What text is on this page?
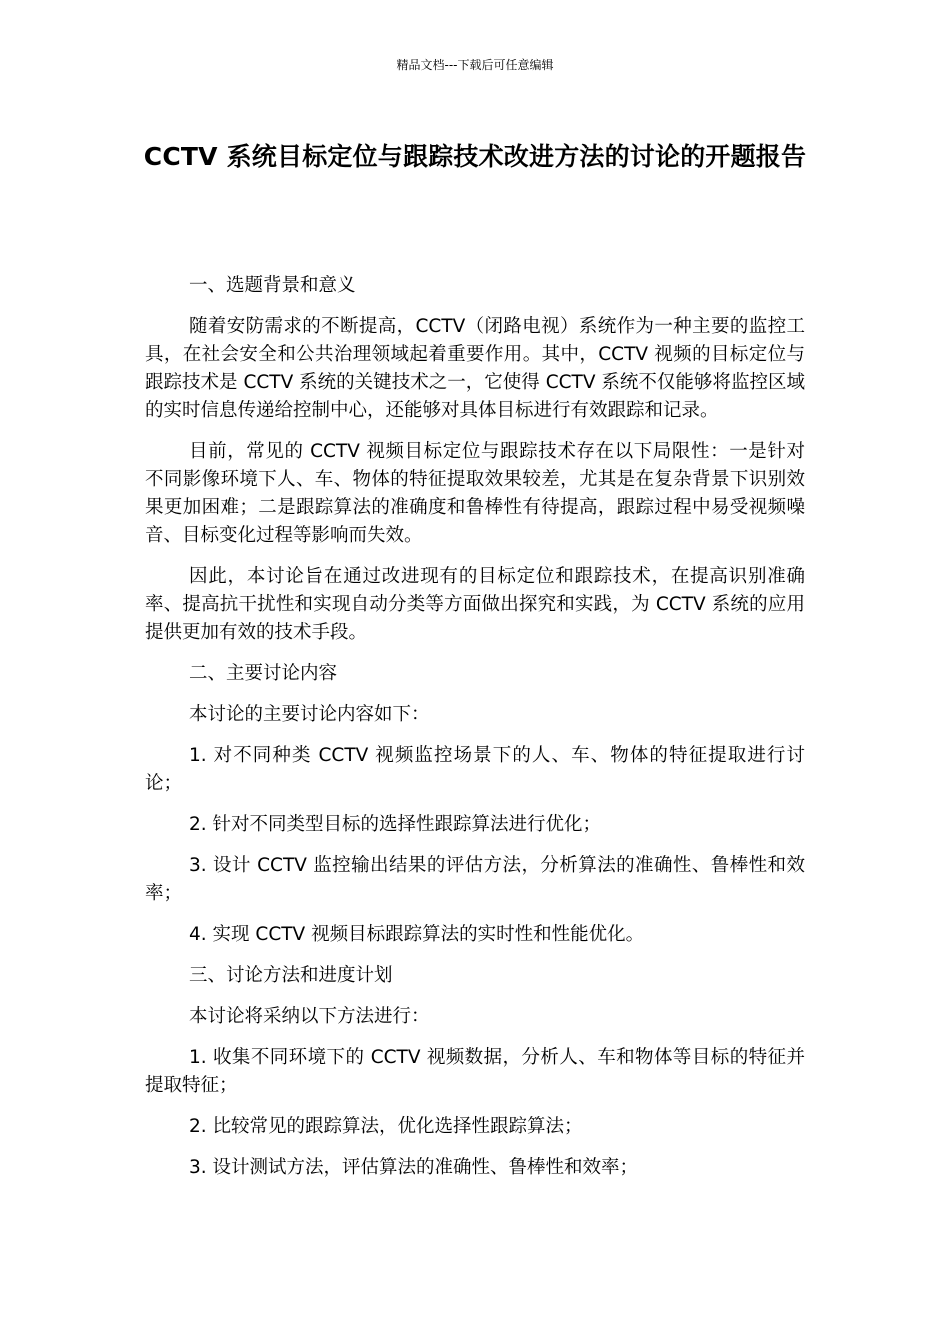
精品文档---下载后可任意编辑
CCTV 系统目标定位与跟踪技术改进方法的讨论的开题报告

一、选题背景和意义

随着安防需求的不断提高，CCTV（闭路电视）系统作为一种主要的监控工具，在社会安全和公共治理领域起着重要作用。其中，CCTV 视频的目标定位与跟踪技术是 CCTV 系统的关键技术之一，它使得 CCTV 系统不仅能够将监控区域的实时信息传递给控制中心，还能够对具体目标进行有效跟踪和记录。

目前，常见的 CCTV 视频目标定位与跟踪技术存在以下局限性：一是针对不同影像环境下人、车、物体的特征提取效果较差，尤其是在复杂背景下识别效果更加困难；二是跟踪算法的准确度和鲁棒性有待提高，跟踪过程中易受视频噪音、目标变化过程等影响而失效。

因此，本讨论旨在通过改进现有的目标定位和跟踪技术，在提高识别准确率、提高抗干扰性和实现自动分类等方面做出探究和实践，为 CCTV 系统的应用提供更加有效的技术手段。

二、主要讨论内容

本讨论的主要讨论内容如下：

1. 对不同种类 CCTV 视频监控场景下的人、车、物体的特征提取进行讨论；

2. 针对不同类型目标的选择性跟踪算法进行优化；

3. 设计 CCTV 监控输出结果的评估方法，分析算法的准确性、鲁棒性和效率；

4. 实现 CCTV 视频目标跟踪算法的实时性和性能优化。

三、讨论方法和进度计划

本讨论将采纳以下方法进行：

1. 收集不同环境下的 CCTV 视频数据，分析人、车和物体等目标的特征并提取特征；

2. 比较常见的跟踪算法，优化选择性跟踪算法；

3. 设计测试方法，评估算法的准确性、鲁棒性和效率；
